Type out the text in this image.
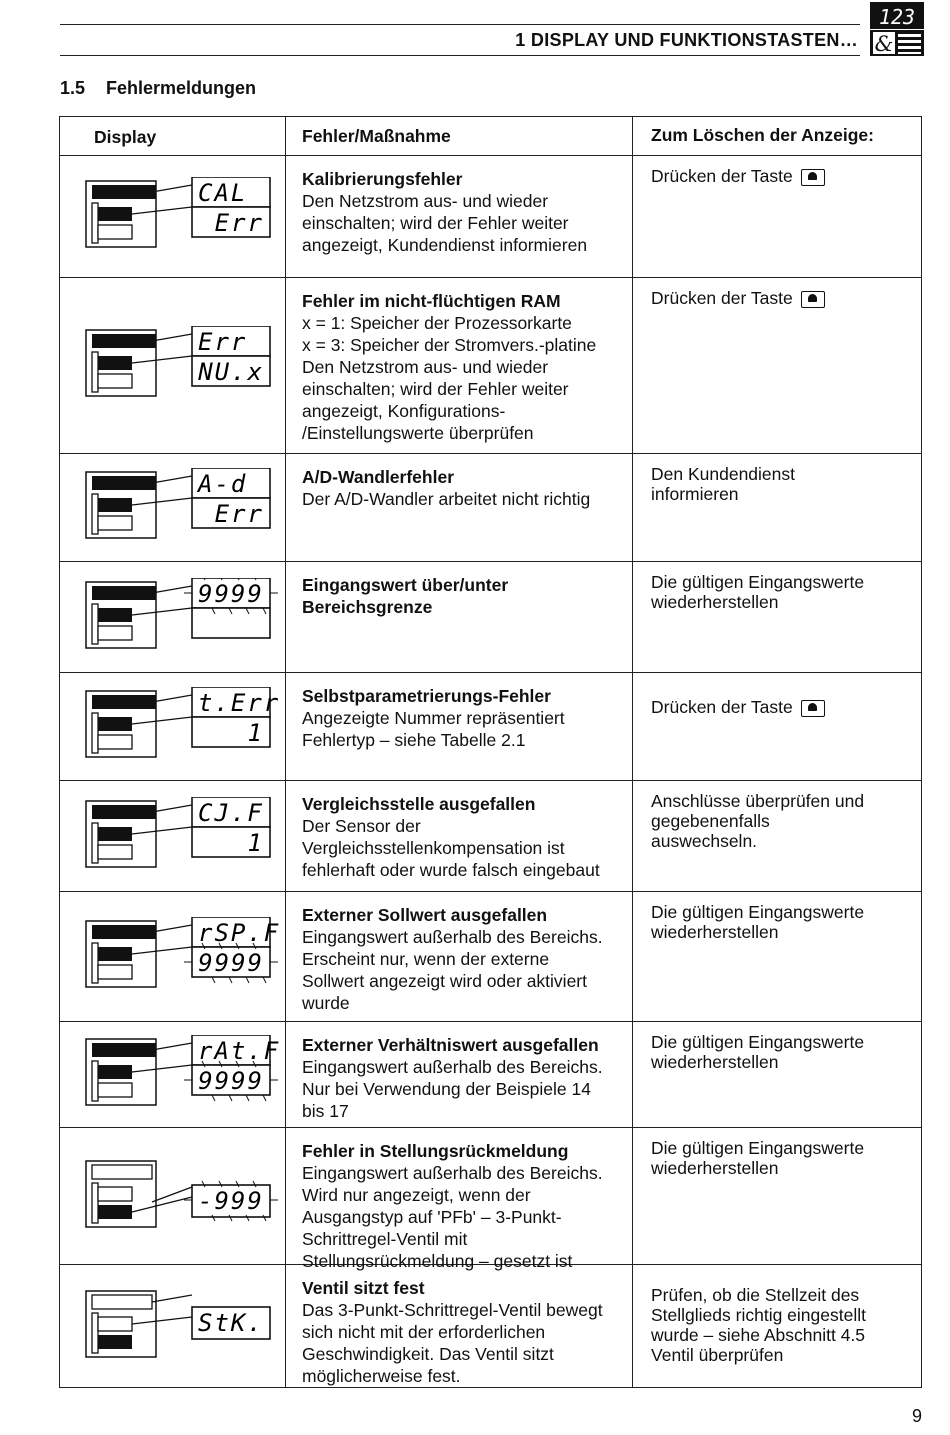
1 DISPLAY UND FUNKTIONSTASTEN…
123
&
1.5 Fehlermeldungen
Display	Fehler/Maßnahme	Zum Löschen der Anzeige:
CAL
Err
Kalibrierungsfehler
Den Netzstrom aus- und wieder
einschalten; wird der Fehler weiter
angezeigt, Kundendienst informieren
Drücken der Taste
Err
NU.x
Fehler im nicht-flüchtigen RAM
x = 1: Speicher der Prozessorkarte
x = 3: Speicher der Stromvers.-platine
Den Netzstrom aus- und wieder
einschalten; wird der Fehler weiter
angezeigt, Konfigurations-
/Einstellungswerte überprüfen
Drücken der Taste
A-d
Err
A/D-Wandlerfehler
Der A/D-Wandler arbeitet nicht richtig
Den Kundendienst
informieren
9999 Eingangswert über/unter
Bereichsgrenze
Die gültigen Eingangswerte
wiederherstellen
t.Err
1
Selbstparametrierungs-Fehler
Angezeigte Nummer repräsentiert
Fehlertyp – siehe Tabelle 2.1
Drücken der Taste
CJ.F
1
Vergleichsstelle ausgefallen
Der Sensor der
Vergleichsstellenkompensation ist
fehlerhaft oder wurde falsch eingebaut
Anschlüsse überprüfen und
gegebenenfalls
auswechseln.
rSP.F
9999
Externer Sollwert ausgefallen
Eingangswert außerhalb des Bereichs.
Erscheint nur, wenn der externe
Sollwert angezeigt wird oder aktiviert
wurde
Die gültigen Eingangswerte
wiederherstellen
rAt.F
9999
Externer Verhältniswert ausgefallen
Eingangswert außerhalb des Bereichs.
Nur bei Verwendung der Beispiele 14
bis 17
Die gültigen Eingangswerte
wiederherstellen
-999
Fehler in Stellungsrückmeldung
Eingangswert außerhalb des Bereichs.
Wird nur angezeigt, wenn der
Ausgangstyp auf 'PFb' – 3-Punkt-
Schrittregel-Ventil mit
Stellungsrückmeldung – gesetzt ist
Die gültigen Eingangswerte
wiederherstellen
StK.
Ventil sitzt fest
Das 3-Punkt-Schrittregel-Ventil bewegt
sich nicht mit der erforderlichen
Geschwindigkeit. Das Ventil sitzt
möglicherweise fest.
Prüfen, ob die Stellzeit des
Stellglieds richtig eingestellt
wurde – siehe Abschnitt 4.5
Ventil überprüfen
9
